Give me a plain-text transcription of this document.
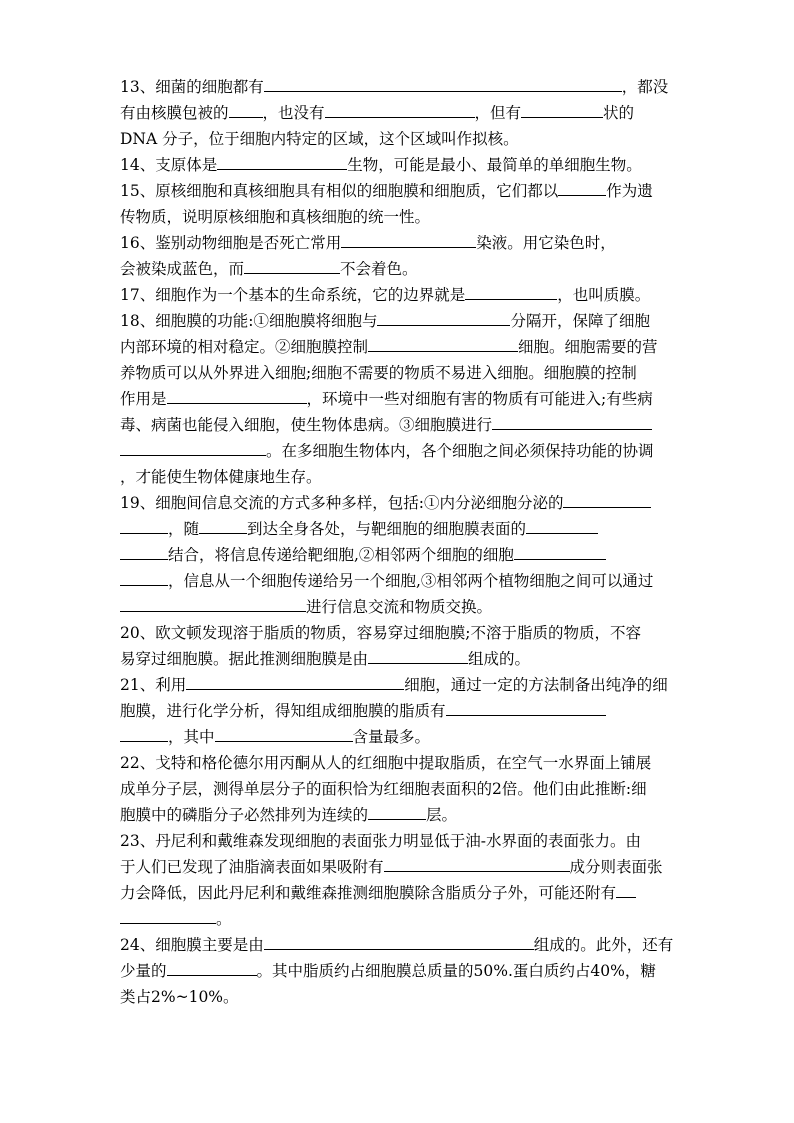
13、细菌的细胞都有	，都没
有由核膜包被的 ，也没有	，但有	状的
DNA 分子，位于细胞内特定的区域，这个区域叫作拟核。
14、支原体是	生物，可能是最小、最简单的单细胞生物。
15、原核细胞和真核细胞具有相似的细胞膜和细胞质，它们都以	作为遗
传物质，说明原核细胞和真核细胞的统一性。
16、鉴别动物细胞是否死亡常用	染液。用它染色时，
会被染成蓝色，而	不会着色。
17、细胞作为一个基本的生命系统，它的边界就是	，也叫质膜。
18、细胞膜的功能:①细胞膜将细胞与	分隔开，保障了细胞
内部环境的相对稳定。②细胞膜控制	细胞。细胞需要的营
养物质可以从外界进入细胞;细胞不需要的物质不易进入细胞。细胞膜的控制
作用是	，环境中一些对细胞有害的物质有可能进入;有些病
毒、病菌也能侵入细胞，使生物体患病。③细胞膜进行
。在多细胞生物体内，各个细胞之间必须保持功能的协调
，才能使生物体健康地生存。
19、细胞间信息交流的方式多种多样，包括:①内分泌细胞分泌的
，随	到达全身各处，与靶细胞的细胞膜表面的
结合，将信息传递给靶细胞,②相邻两个细胞的细胞
，信息从一个细胞传递给另一个细胞,③相邻两个植物细胞之间可以通过
进行信息交流和物质交换。
20、欧文顿发现溶于脂质的物质，容易穿过细胞膜;不溶于脂质的物质，不容
易穿过细胞膜。据此推测细胞膜是由	组成的。
21、利用	细胞，通过一定的方法制备出纯净的细
胞膜，进行化学分析，得知组成细胞膜的脂质有
，其中	含量最多。
22、戈特和格伦德尔用丙酮从人的红细胞中提取脂质，在空气一水界面上铺展
成单分子层，测得单层分子的面积恰为红细胞表面积的2倍。他们由此推断:细
胞膜中的磷脂分子必然排列为连续的	层。
23、丹尼利和戴维森发现细胞的表面张力明显低于油-水界面的表面张力。由
于人们已发现了油脂滴表面如果吸附有	成分则表面张
力会降低，因此丹尼利和戴维森推测细胞膜除含脂质分子外，可能还附有
。
24、细胞膜主要是由	组成的。此外，还有
少量的	。其中脂质约占细胞膜总质量的50%.蛋白质约占40%，糖
类占2%~10%。
